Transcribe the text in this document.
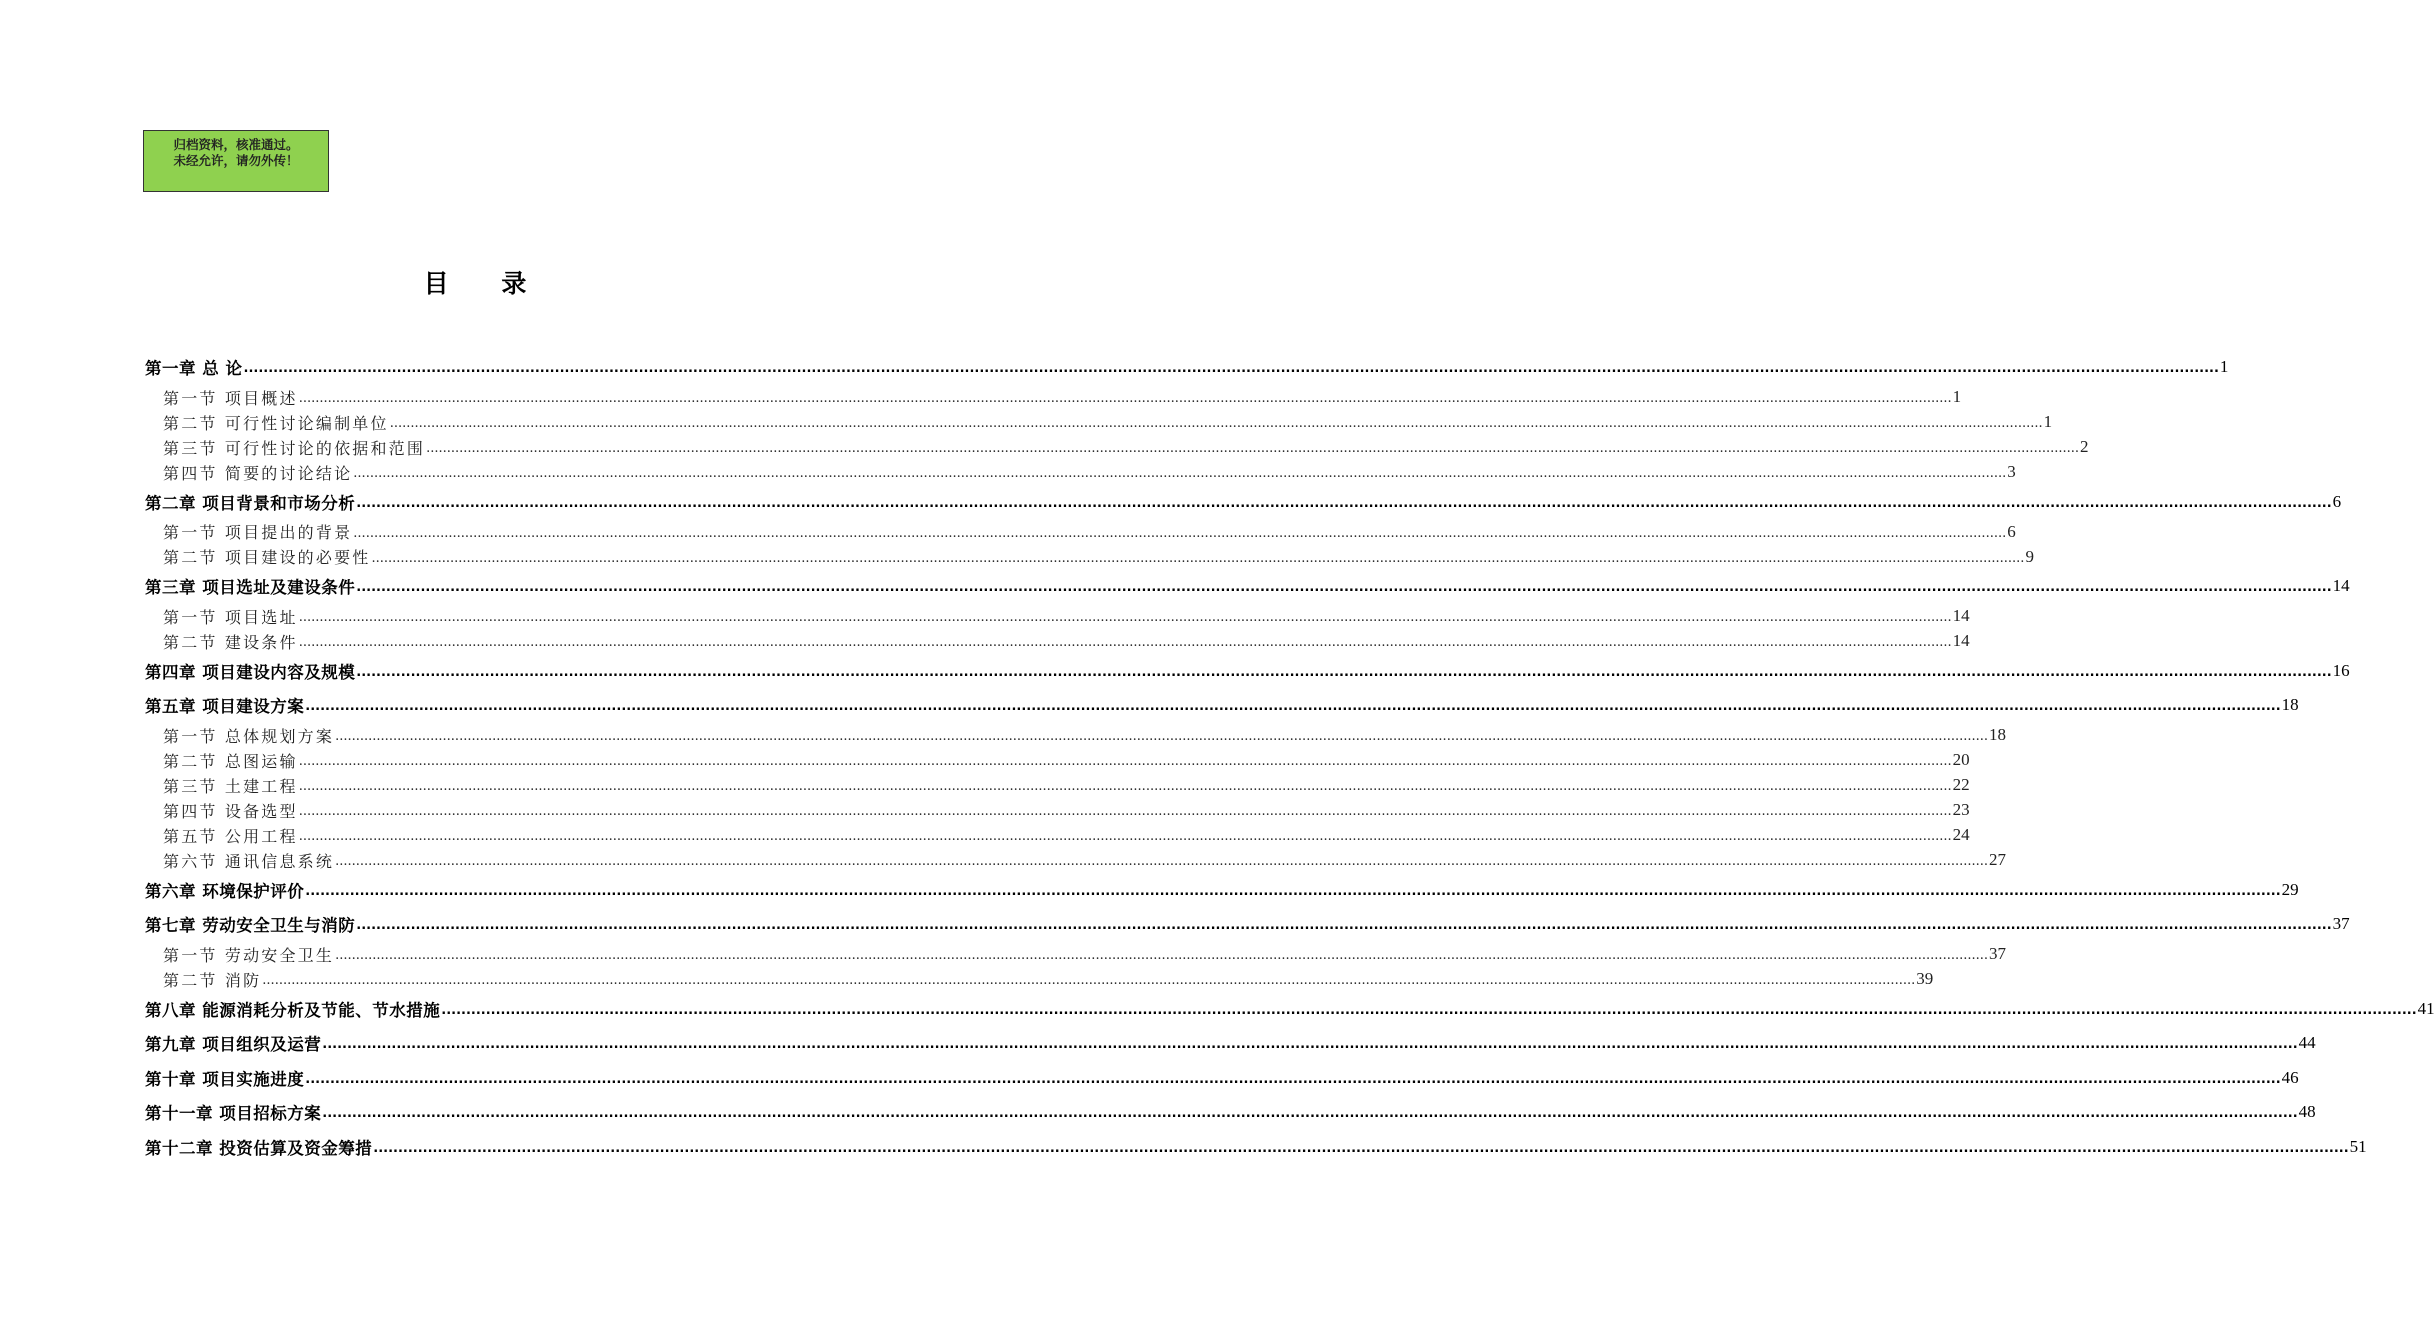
归档资料，核准通过。
未经允许，请勿外传！
目 录
第一章 总 论 ................................................................................................................................................................................................................................................................................................................................................................................................................ 1
第一节 项目概述 ................................................................................................................................................................................................................................................................................................................................................................................................................ 1
第二节 可行性讨论编制单位 ................................................................................................................................................................................................................................................................................................................................................................................................................ 1
第三节 可行性讨论的依据和范围 ................................................................................................................................................................................................................................................................................................................................................................................................................ 2
第四节 简要的讨论结论 ................................................................................................................................................................................................................................................................................................................................................................................................................ 3
第二章 项目背景和市场分析 ................................................................................................................................................................................................................................................................................................................................................................................................................ 6
第一节 项目提出的背景 ................................................................................................................................................................................................................................................................................................................................................................................................................ 6
第二节 项目建设的必要性 ................................................................................................................................................................................................................................................................................................................................................................................................................ 9
第三章 项目选址及建设条件 ................................................................................................................................................................................................................................................................................................................................................................................................................ 14
第一节 项目选址 ................................................................................................................................................................................................................................................................................................................................................................................................................ 14
第二节 建设条件 ................................................................................................................................................................................................................................................................................................................................................................................................................ 14
第四章 项目建设内容及规模 ................................................................................................................................................................................................................................................................................................................................................................................................................ 16
第五章 项目建设方案 ................................................................................................................................................................................................................................................................................................................................................................................................................ 18
第一节 总体规划方案 ................................................................................................................................................................................................................................................................................................................................................................................................................ 18
第二节 总图运输 ................................................................................................................................................................................................................................................................................................................................................................................................................ 20
第三节 土建工程 ................................................................................................................................................................................................................................................................................................................................................................................................................ 22
第四节 设备选型 ................................................................................................................................................................................................................................................................................................................................................................................................................ 23
第五节 公用工程 ................................................................................................................................................................................................................................................................................................................................................................................................................ 24
第六节 通讯信息系统 ................................................................................................................................................................................................................................................................................................................................................................................................................ 27
第六章 环境保护评价 ................................................................................................................................................................................................................................................................................................................................................................................................................ 29
第七章 劳动安全卫生与消防 ................................................................................................................................................................................................................................................................................................................................................................................................................ 37
第一节 劳动安全卫生 ................................................................................................................................................................................................................................................................................................................................................................................................................ 37
第二节 消防 ................................................................................................................................................................................................................................................................................................................................................................................................................ 39
第八章 能源消耗分析及节能、节水措施 ................................................................................................................................................................................................................................................................................................................................................................................................................ 41
第九章 项目组织及运营 ................................................................................................................................................................................................................................................................................................................................................................................................................ 44
第十章 项目实施进度 ................................................................................................................................................................................................................................................................................................................................................................................................................ 46
第十一章 项目招标方案 ................................................................................................................................................................................................................................................................................................................................................................................................................ 48
第十二章 投资估算及资金筹措 ................................................................................................................................................................................................................................................................................................................................................................................................................ 51
